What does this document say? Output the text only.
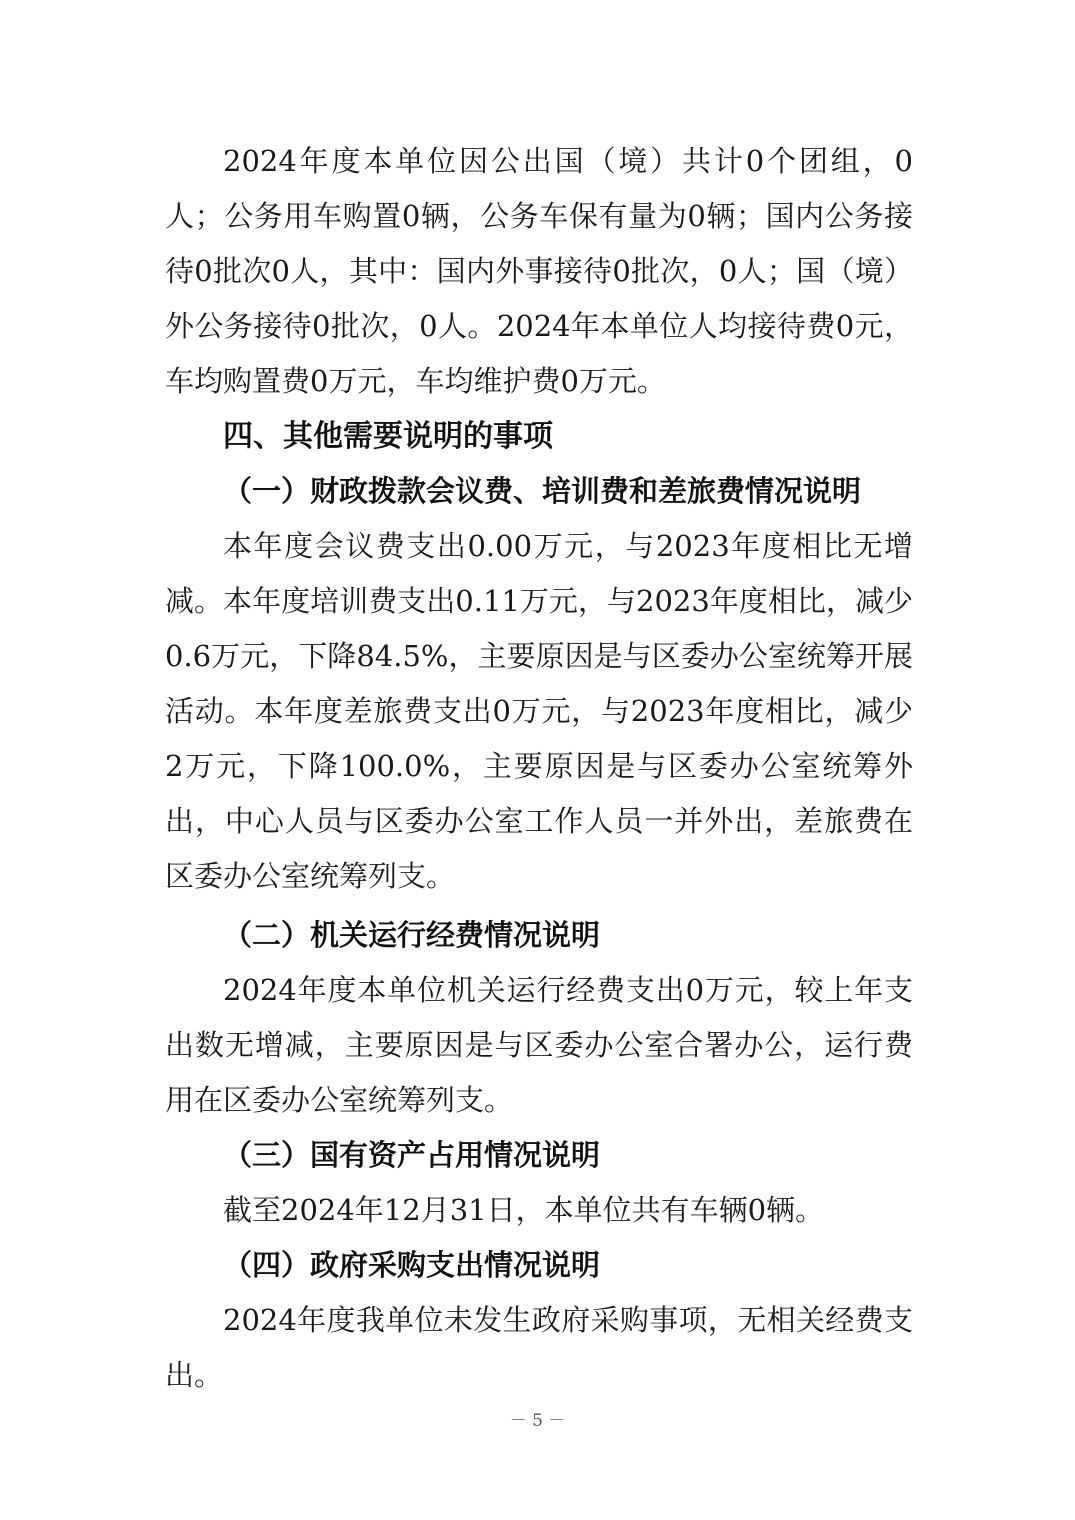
2024年度本单位因公出国（境）共计0个团组，0人；公务用车购置0辆，公务车保有量为0辆；国内公务接待0批次0人，其中：国内外事接待0批次，0人；国（境）外公务接待0批次，0人。2024年本单位人均接待费0元，车均购置费0万元，车均维护费0万元。

四、其他需要说明的事项
（一）财政拨款会议费、培训费和差旅费情况说明

本年度会议费支出0.00万元，与2023年度相比无增减。本年度培训费支出0.11万元，与2023年度相比，减少0.6万元，下降84.5%，主要原因是与区委办公室统筹开展活动。本年度差旅费支出0万元，与2023年度相比，减少2万元，下降100.0%，主要原因是与区委办公室统筹外出，中心人员与区委办公室工作人员一并外出，差旅费在区委办公室统筹列支。

（二）机关运行经费情况说明

2024年度本单位机关运行经费支出0万元，较上年支出数无增减，主要原因是与区委办公室合署办公，运行费用在区委办公室统筹列支。

（三）国有资产占用情况说明

截至2024年12月31日，本单位共有车辆0辆。

（四）政府采购支出情况说明

2024年度我单位未发生政府采购事项，无相关经费支出。

－ 5 －
